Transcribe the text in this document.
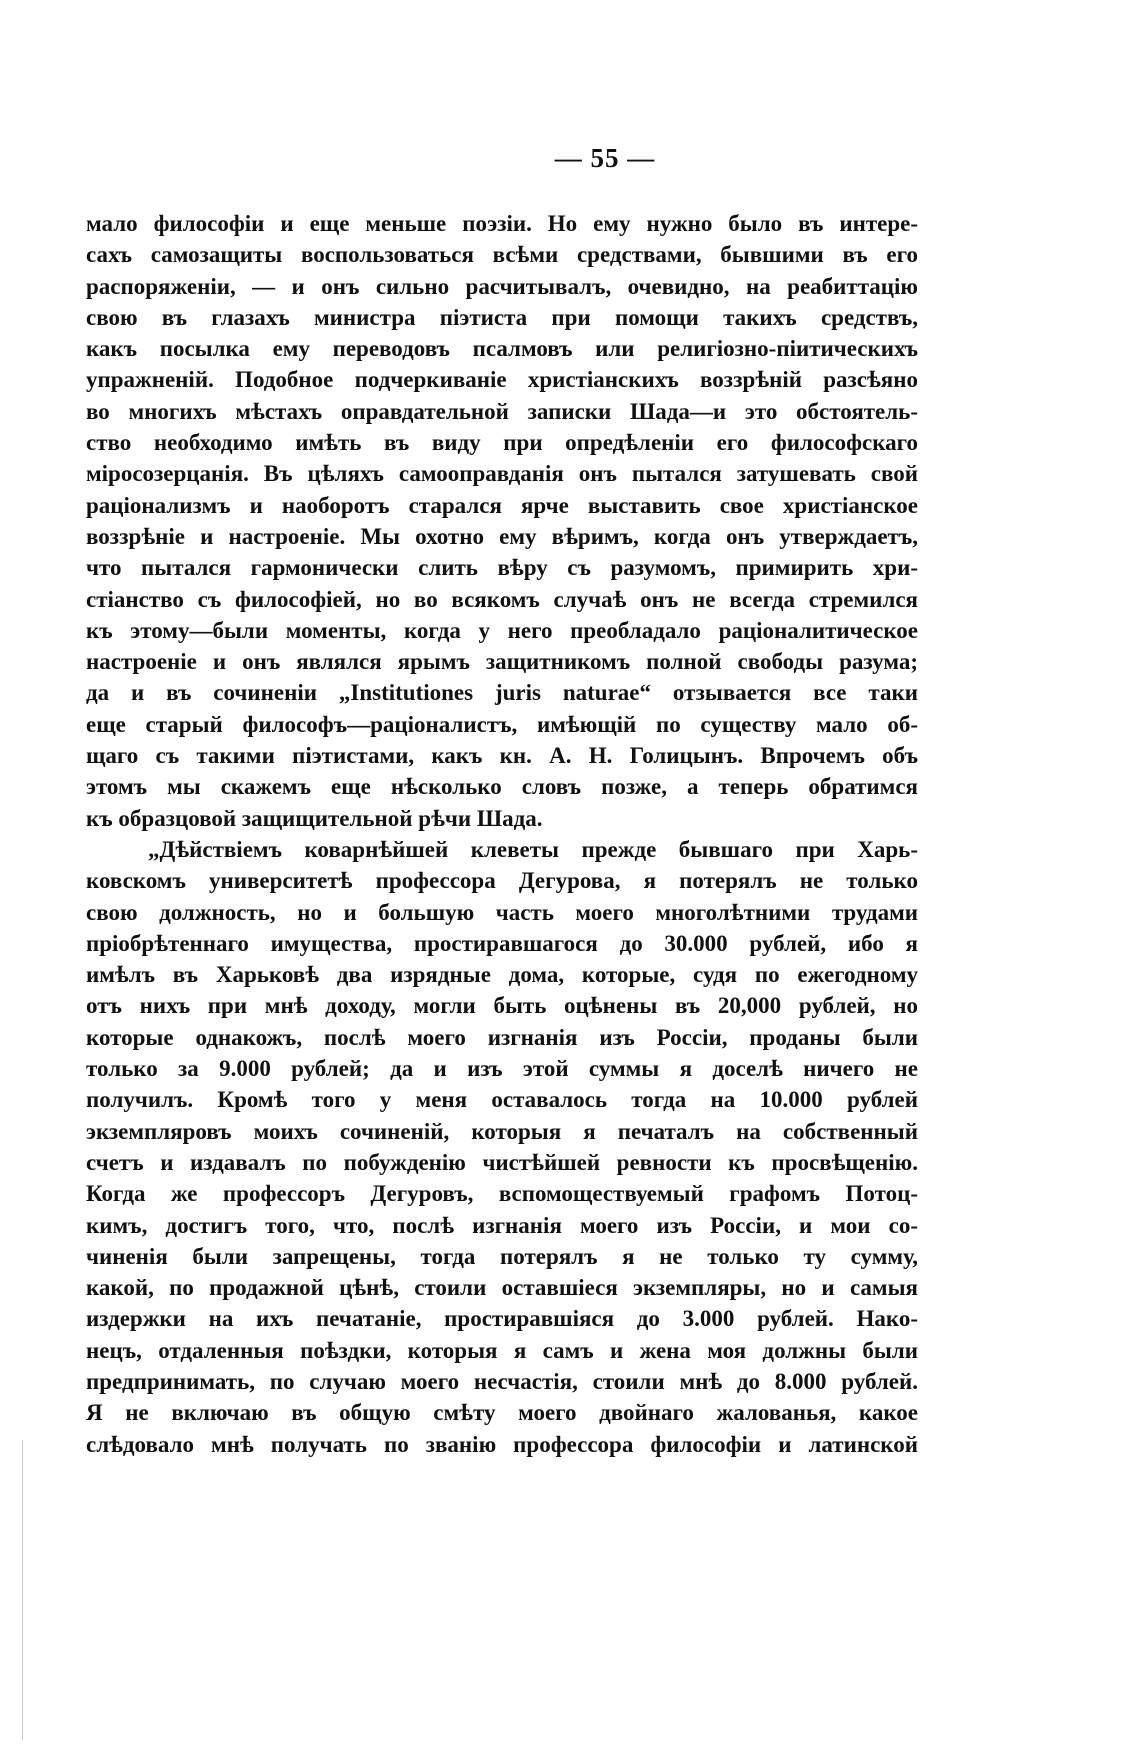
— 55 —
мало философіи и еще меньше поэзіи. Но ему нужно было въ интере-
сахъ самозащиты воспользоваться всѣми средствами, бывшими въ его
распоряженіи, — и онъ сильно расчитывалъ, очевидно, на реабиттацію
свою въ глазахъ министра піэтиста при помощи такихъ средствъ,
какъ посылка ему переводовъ псалмовъ или религіозно-піитическихъ
упражненій. Подобное подчеркиваніе христіанскихъ воззрѣній разсѣяно
во многихъ мѣстахъ оправдательной записки Шада—и это обстоятель-
ство необходимо имѣть въ виду при опредѣленіи его философскаго
міросозерцанія. Въ цѣляхъ самооправданія онъ пытался затушевать свой
раціонализмъ и наоборотъ старался ярче выставить свое христіанское
воззрѣніе и настроеніе. Мы охотно ему вѣримъ, когда онъ утверждаетъ,
что пытался гармонически слить вѣру съ разумомъ, примирить хри-
стіанство съ философіей, но во всякомъ случаѣ онъ не всегда стремился
къ этому—были моменты, когда у него преобладало раціоналитическое
настроеніе и онъ являлся ярымъ защитникомъ полной свободы разума;
да и въ сочиненіи „Institutiones juris naturae“ отзывается все таки
еще старый философъ—раціоналистъ, имѣющій по существу мало об-
щаго съ такими піэтистами, какъ кн. А. Н. Голицынъ. Впрочемъ объ
этомъ мы скажемъ еще нѣсколько словъ позже, а теперь обратимся
къ образцовой защищительной рѣчи Шада.
„Дѣйствіемъ коварнѣйшей клеветы прежде бывшаго при Харь-
ковскомъ университетѣ профессора Дегурова, я потерялъ не только
свою должность, но и большую часть моего многолѣтними трудами
пріобрѣтеннаго имущества, простиравшагося до 30.000 рублей, ибо я
имѣлъ въ Харьковѣ два изрядные дома, которые, судя по ежегодному
отъ нихъ при мнѣ доходу, могли быть оцѣнены въ 20,000 рублей, но
которые однакожъ, послѣ моего изгнанія изъ Россіи, проданы были
только за 9.000 рублей; да и изъ этой суммы я доселѣ ничего не
получилъ. Кромѣ того у меня оставалось тогда на 10.000 рублей
экземпляровъ моихъ сочиненій, которыя я печаталъ на собственный
счетъ и издавалъ по побужденію чистѣйшей ревности къ просвѣщенію.
Когда же профессоръ Дегуровъ, вспомоществуемый графомъ Потоц-
кимъ, достигъ того, что, послѣ изгнанія моего изъ Россіи, и мои со-
чиненія были запрещены, тогда потерялъ я не только ту сумму,
какой, по продажной цѣнѣ, стоили оставшіеся экземпляры, но и самыя
издержки на ихъ печатаніе, простиравшіяся до 3.000 рублей. Нако-
нецъ, отдаленныя поѣздки, которыя я самъ и жена моя должны были
предпринимать, по случаю моего несчастія, стоили мнѣ до 8.000 рублей.
Я не включаю въ общую смѣту моего двойнаго жалованья, какое
слѣдовало мнѣ получать по званію профессора философіи и латинской
